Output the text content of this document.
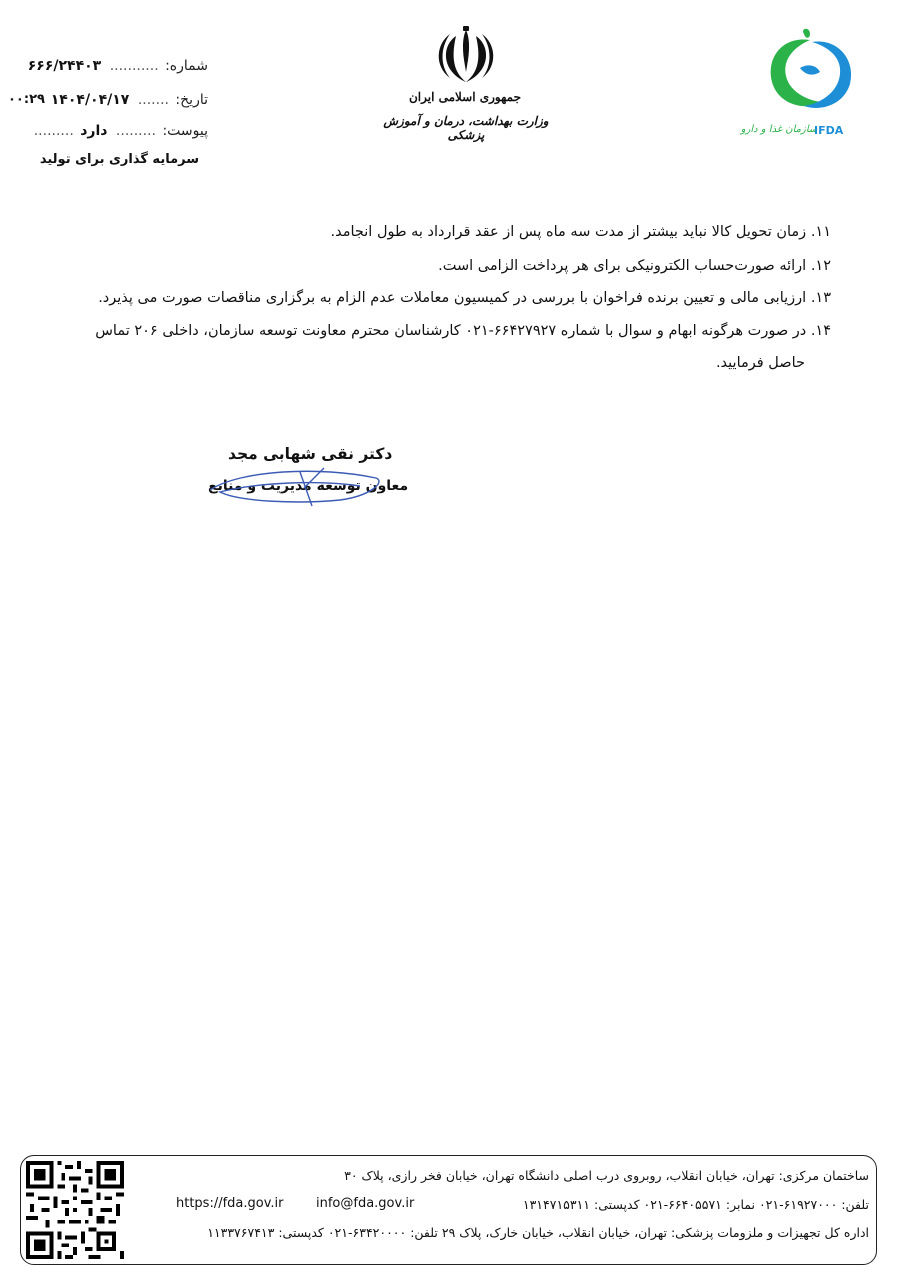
شماره: ........... ۶۶۶/۲۴۴۰۳
تاریخ: ....... ۱۴۰۴/۰۴/۱۷
۰۰:۲۹
پیوست: ......... دارد .........
سرمایه گذاری برای تولید
جمهوری اسلامی ایران
وزارت بهداشت، درمان و آموزش پزشکی	سازمان غذا و دارو
IFDA
۱۱. زمان تحویل کالا نباید بیشتر از مدت سه ماه پس از عقد قرارداد به طول انجامد.
۱۲. ارائه صورت‌حساب الکترونیکی برای هر پرداخت الزامی است.
۱۳. ارزیابی مالی و تعیین برنده فراخوان با بررسی در کمیسیون معاملات عدم الزام به برگزاری مناقصات صورت می پذیرد.
۱۴. در صورت هرگونه ابهام و سوال با شماره ۶۶۴۲۷۹۲۷-۰۲۱ کارشناسان محترم معاونت توسعه سازمان، داخلی ۲۰۶ تماس
حاصل فرمایید.
دکتر نقی شهابی مجد
معاون توسعه مدیریت و منابع
ساختمان مرکزی: تهران، خیابان انقلاب، روبروی درب اصلی دانشگاه تهران، خیابان فخر رازی، پلاک ۳۰
تلفن: ۶۱۹۲۷۰۰۰-۰۲۱ نمابر: ۶۶۴۰۵۵۷۱-۰۲۱ کدپستی: ۱۳۱۴۷۱۵۳۱۱
info@fda.gov.ir
https://fda.gov.ir
اداره کل تجهیزات و ملزومات پزشکی: تهران، خیابان انقلاب، خیابان خارک، پلاک ۲۹ تلفن: ۶۳۴۲۰۰۰۰-۰۲۱ کدپستی: ۱۱۳۳۷۶۷۴۱۳
